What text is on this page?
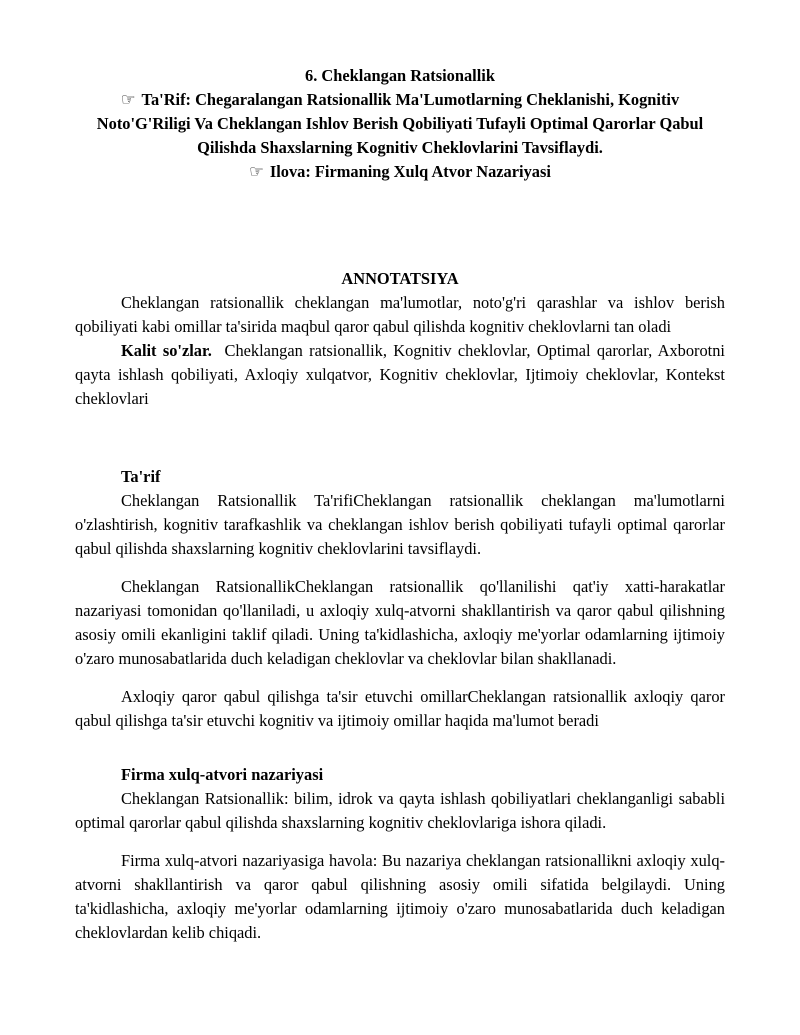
6. Cheklangan Ratsionallik
☞ Ta'Rif: Chegaralangan Ratsionallik Ma'Lumotlarning Cheklanishi, Kognitiv Noto'G'Riligi Va Cheklangan Ishlov Berish Qobiliyati Tufayli Optimal Qarorlar Qabul Qilishda Shaxslarning Kognitiv Cheklovlarini Tavsiflaydi.
☞ Ilova: Firmaning Xulq Atvor Nazariyasi
ANNOTATSIYA

Cheklangan ratsionallik cheklangan ma'lumotlar, noto'g'ri qarashlar va ishlov berish qobiliyati kabi omillar ta'sirida maqbul qaror qabul qilishda kognitiv cheklovlarni tan oladi

Kalit so'zlar. Cheklangan ratsionallik, Kognitiv cheklovlar, Optimal qarorlar, Axborotni qayta ishlash qobiliyati, Axloqiy xulqatvor, Kognitiv cheklovlar, Ijtimoiy cheklovlar, Kontekst cheklovlari

Ta'rif

Cheklangan Ratsionallik Ta'rifiCheklangan ratsionallik cheklangan ma'lumotlarni o'zlashtirish, kognitiv tarafkashlik va cheklangan ishlov berish qobiliyati tufayli optimal qarorlar qabul qilishda shaxslarning kognitiv cheklovlarini tavsiflaydi.

Cheklangan RatsionallikCheklangan ratsionallik qo'llanilishi qat'iy xatti-harakatlar nazariyasi tomonidan qo'llaniladi, u axloqiy xulq-atvorni shakllantirish va qaror qabul qilishning asosiy omili ekanligini taklif qiladi. Uning ta'kidlashicha, axloqiy me'yorlar odamlarning ijtimoiy o'zaro munosabatlarida duch keladigan cheklovlar va cheklovlar bilan shakllanadi.

Axloqiy qaror qabul qilishga ta'sir etuvchi omillarCheklangan ratsionallik axloqiy qaror qabul qilishga ta'sir etuvchi kognitiv va ijtimoiy omillar haqida ma'lumot beradi

Firma xulq-atvori nazariyasi

Cheklangan Ratsionallik: bilim, idrok va qayta ishlash qobiliyatlari cheklanganligi sababli optimal qarorlar qabul qilishda shaxslarning kognitiv cheklovlariga ishora qiladi.

Firma xulq-atvori nazariyasiga havola: Bu nazariya cheklangan ratsionallikni axloqiy xulq-atvorni shakllantirish va qaror qabul qilishning asosiy omili sifatida belgilaydi. Uning ta'kidlashicha, axloqiy me'yorlar odamlarning ijtimoiy o'zaro munosabatlarida duch keladigan cheklovlardan kelib chiqadi.
